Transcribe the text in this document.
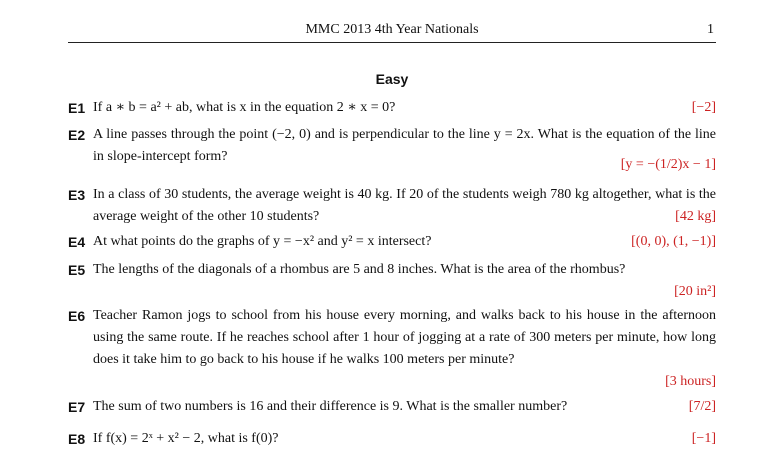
MMC 2013 4th Year Nationals	1
Easy
E1	[−2]
If a ∗ b = a² + ab, what is x in the equation 2 ∗ x = 0?
E2 A line passes through the point (−2, 0) and is perpendicular to the line y = 2x. What is the equation of the line in slope-intercept form?
[y = −(1/2)x − 1]
E3 In a class of 30 students, the average weight is 40 kg. If 20 of the students weigh 780 kg altogether, what is the average weight of the other 10 students?	[42 kg]
E4	[(0, 0), (1, −1)]
At what points do the graphs of y = −x² and y² = x intersect?
E5 The lengths of the diagonals of a rhombus are 5 and 8 inches. What is the area of the rhombus?
[20 in²]
E6 Teacher Ramon jogs to school from his house every morning, and walks back to his house in the afternoon using the same route. If he reaches school after 1 hour of jogging at a rate of 300 meters per minute, how long does it take him to go back to his house if he walks 100 meters per minute?
[3 hours]
E7	[7/2]
The sum of two numbers is 16 and their difference is 9. What is the smaller number?
E8	[−1]
If f(x) = 2ˣ + x² − 2, what is f(0)?
